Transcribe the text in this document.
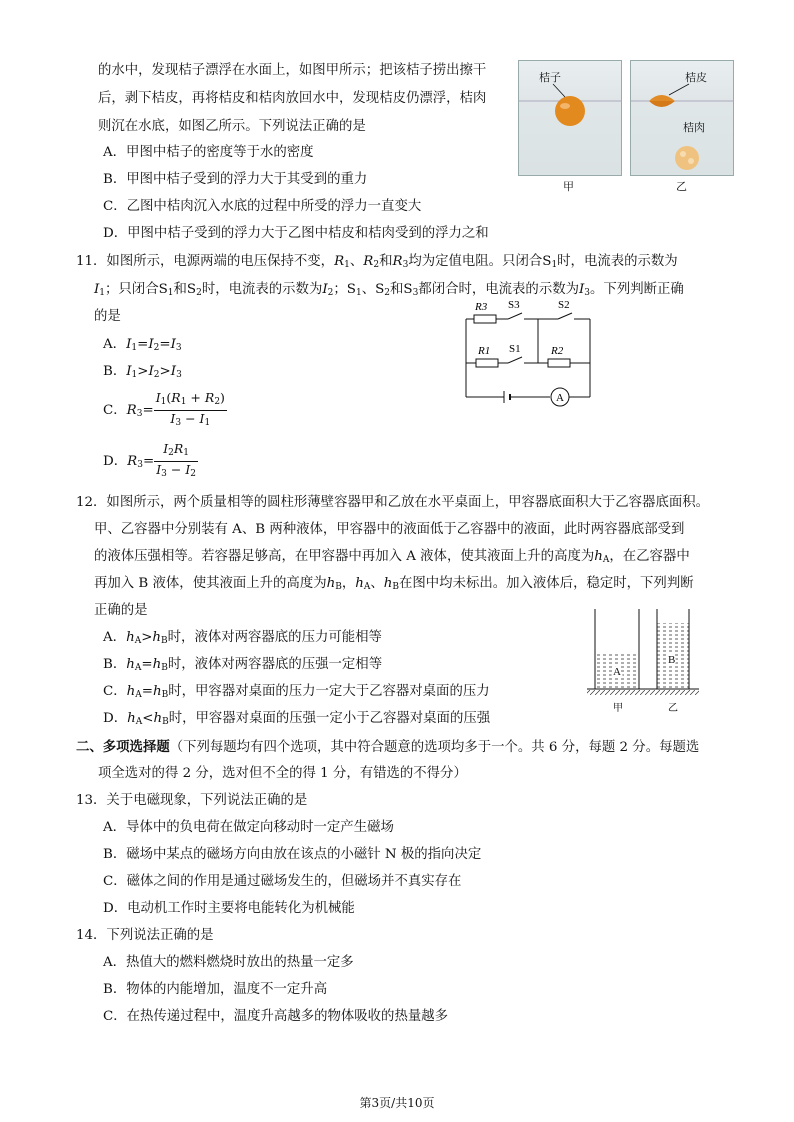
的水中，发现桔子漂浮在水面上，如图甲所示；把该桔子捞出擦干
后，剥下桔皮，再将桔皮和桔肉放回水中，发现桔皮仍漂浮，桔肉
则沉在水底，如图乙所示。下列说法正确的是
A．甲图中桔子的密度等于水的密度
B．甲图中桔子受到的浮力大于其受到的重力
C．乙图中桔肉沉入水底的过程中所受的浮力一直变大
D．甲图中桔子受到的浮力大于乙图中桔皮和桔肉受到的浮力之和
桔子	桔皮
桔肉
甲	乙
11．如图所示，电源两端的电压保持不变，$R_1$、$R_2$和$R_3$均为定值电阻。只闭合$S_1$时，电流表的示数为
$I_1$；只闭合$S_1$和$S_2$时，电流表的示数为$I_2$；$S_1$、$S_2$和$S_3$都闭合时，电流表的示数为$I_3$。下列判断正确
的是
A．$I_1=I_2=I_3$
B．$I_1>I_2>I_3$
C．$R_3= \frac{I_1(R_1 + R_2)}{I_3 - I_1}$
D．$R_3= \frac{I_2R_1}{I_3 - I_2}$
R3 S3	S2
R1 S1	R2
A
12．如图所示，两个质量相等的圆柱形薄壁容器甲和乙放在水平桌面上，甲容器底面积大于乙容器底面积。
甲、乙容器中分别装有 A、B 两种液体，甲容器中的液面低于乙容器中的液面，此时两容器底部受到
的液体压强相等。若容器足够高，在甲容器中再加入 A 液体，使其液面上升的高度为$h_A$，在乙容器中
再加入 B 液体，使其液面上升的高度为$h_B$，$h_A$、$h_B$在图中均未标出。加入液体后，稳定时，下列判断
正确的是
A．$h_A>h_B$时，液体对两容器底的压力可能相等
B．$h_A=h_B$时，液体对两容器底的压强一定相等
C．$h_A=h_B$时，甲容器对桌面的压力一定大于乙容器对桌面的压力
D．$h_A<h_B$时，甲容器对桌面的压强一定小于乙容器对桌面的压强
A
B
甲	乙
二、多项选择题（下列每题均有四个选项，其中符合题意的选项均多于一个。共 6 分，每题 2 分。每题选
项全选对的得 2 分，选对但不全的得 1 分，有错选的不得分）
13．关于电磁现象，下列说法正确的是
A．导体中的负电荷在做定向移动时一定产生磁场
B．磁场中某点的磁场方向由放在该点的小磁针 N 极的指向决定
C．磁体之间的作用是通过磁场发生的，但磁场并不真实存在
D．电动机工作时主要将电能转化为机械能
14．下列说法正确的是
A．热值大的燃料燃烧时放出的热量一定多
B．物体的内能增加，温度不一定升高
C．在热传递过程中，温度升高越多的物体吸收的热量越多
第3页/共10页
